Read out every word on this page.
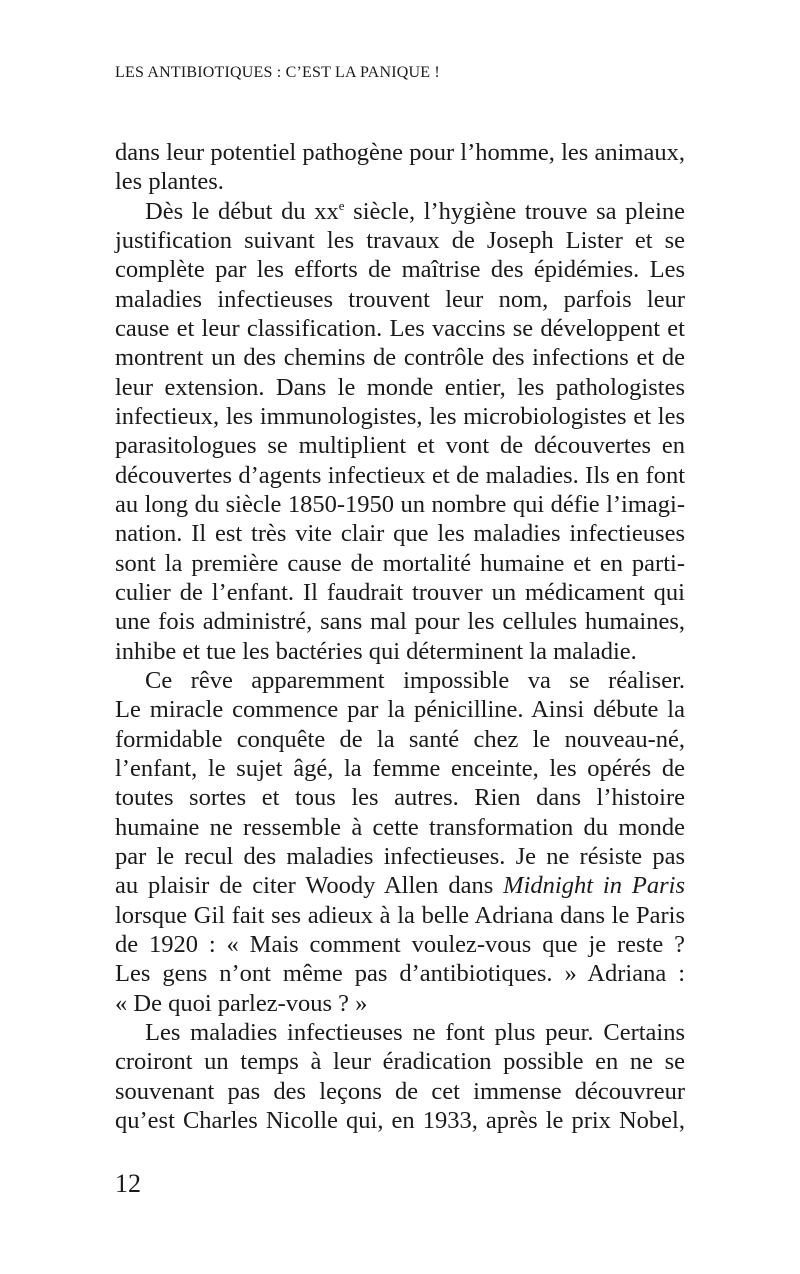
LES ANTIBIOTIQUES : C’EST LA PANIQUE !
dans leur potentiel pathogène pour l’homme, les animaux,
les plantes.
Dès le début du $xx^e$ siècle, l’hygiène trouve sa pleine
justification suivant les travaux de Joseph Lister et se
complète par les efforts de maîtrise des épidémies. Les
maladies infectieuses trouvent leur nom, parfois leur
cause et leur classification. Les vaccins se développent et
montrent un des chemins de contrôle des infections et de
leur extension. Dans le monde entier, les pathologistes
infectieux, les immunologistes, les microbiologistes et les
parasitologues se multiplient et vont de découvertes en
découvertes d’agents infectieux et de maladies. Ils en font
au long du siècle 1850-1950 un nombre qui défie l’imagi-
nation. Il est très vite clair que les maladies infectieuses
sont la première cause de mortalité humaine et en parti-
culier de l’enfant. Il faudrait trouver un médicament qui
une fois administré, sans mal pour les cellules humaines,
inhibe et tue les bactéries qui déterminent la maladie.
Ce rêve apparemment impossible va se réaliser.
Le miracle commence par la pénicilline. Ainsi débute la
formidable conquête de la santé chez le nouveau-né,
l’enfant, le sujet âgé, la femme enceinte, les opérés de
toutes sortes et tous les autres. Rien dans l’histoire
humaine ne ressemble à cette transformation du monde
par le recul des maladies infectieuses. Je ne résiste pas
au plaisir de citer Woody Allen dans Midnight in Paris
lorsque Gil fait ses adieux à la belle Adriana dans le Paris
de 1920 : « Mais comment voulez-vous que je reste ?
Les gens n’ont même pas d’antibiotiques. » Adriana :
« De quoi parlez-vous ? »
Les maladies infectieuses ne font plus peur. Certains
croiront un temps à leur éradication possible en ne se
souvenant pas des leçons de cet immense découvreur
qu’est Charles Nicolle qui, en 1933, après le prix Nobel,
12
